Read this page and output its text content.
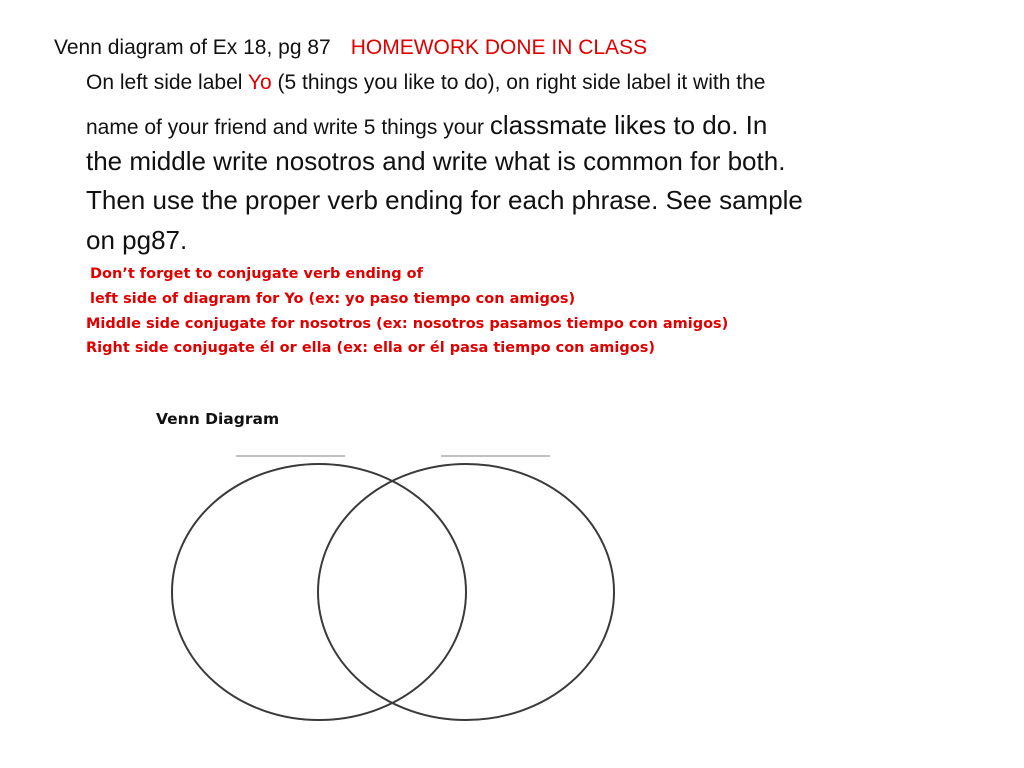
Venn diagram of Ex 18, pg 87 HOMEWORK DONE IN CLASS
On left side label Yo (5 things you like to do), on right side label it with the
name of your friend and write 5 things your classmate likes to do. In
the middle write nosotros and write what is common for both.
Then use the proper verb ending for each phrase. See sample
on pg87.
Don’t forget to conjugate verb ending of
left side of diagram for Yo (ex: yo paso tiempo con amigos)
Middle side conjugate for nosotros (ex: nosotros pasamos tiempo con amigos)
Right side conjugate él or ella (ex: ella or él pasa tiempo con amigos)
Venn Diagram
